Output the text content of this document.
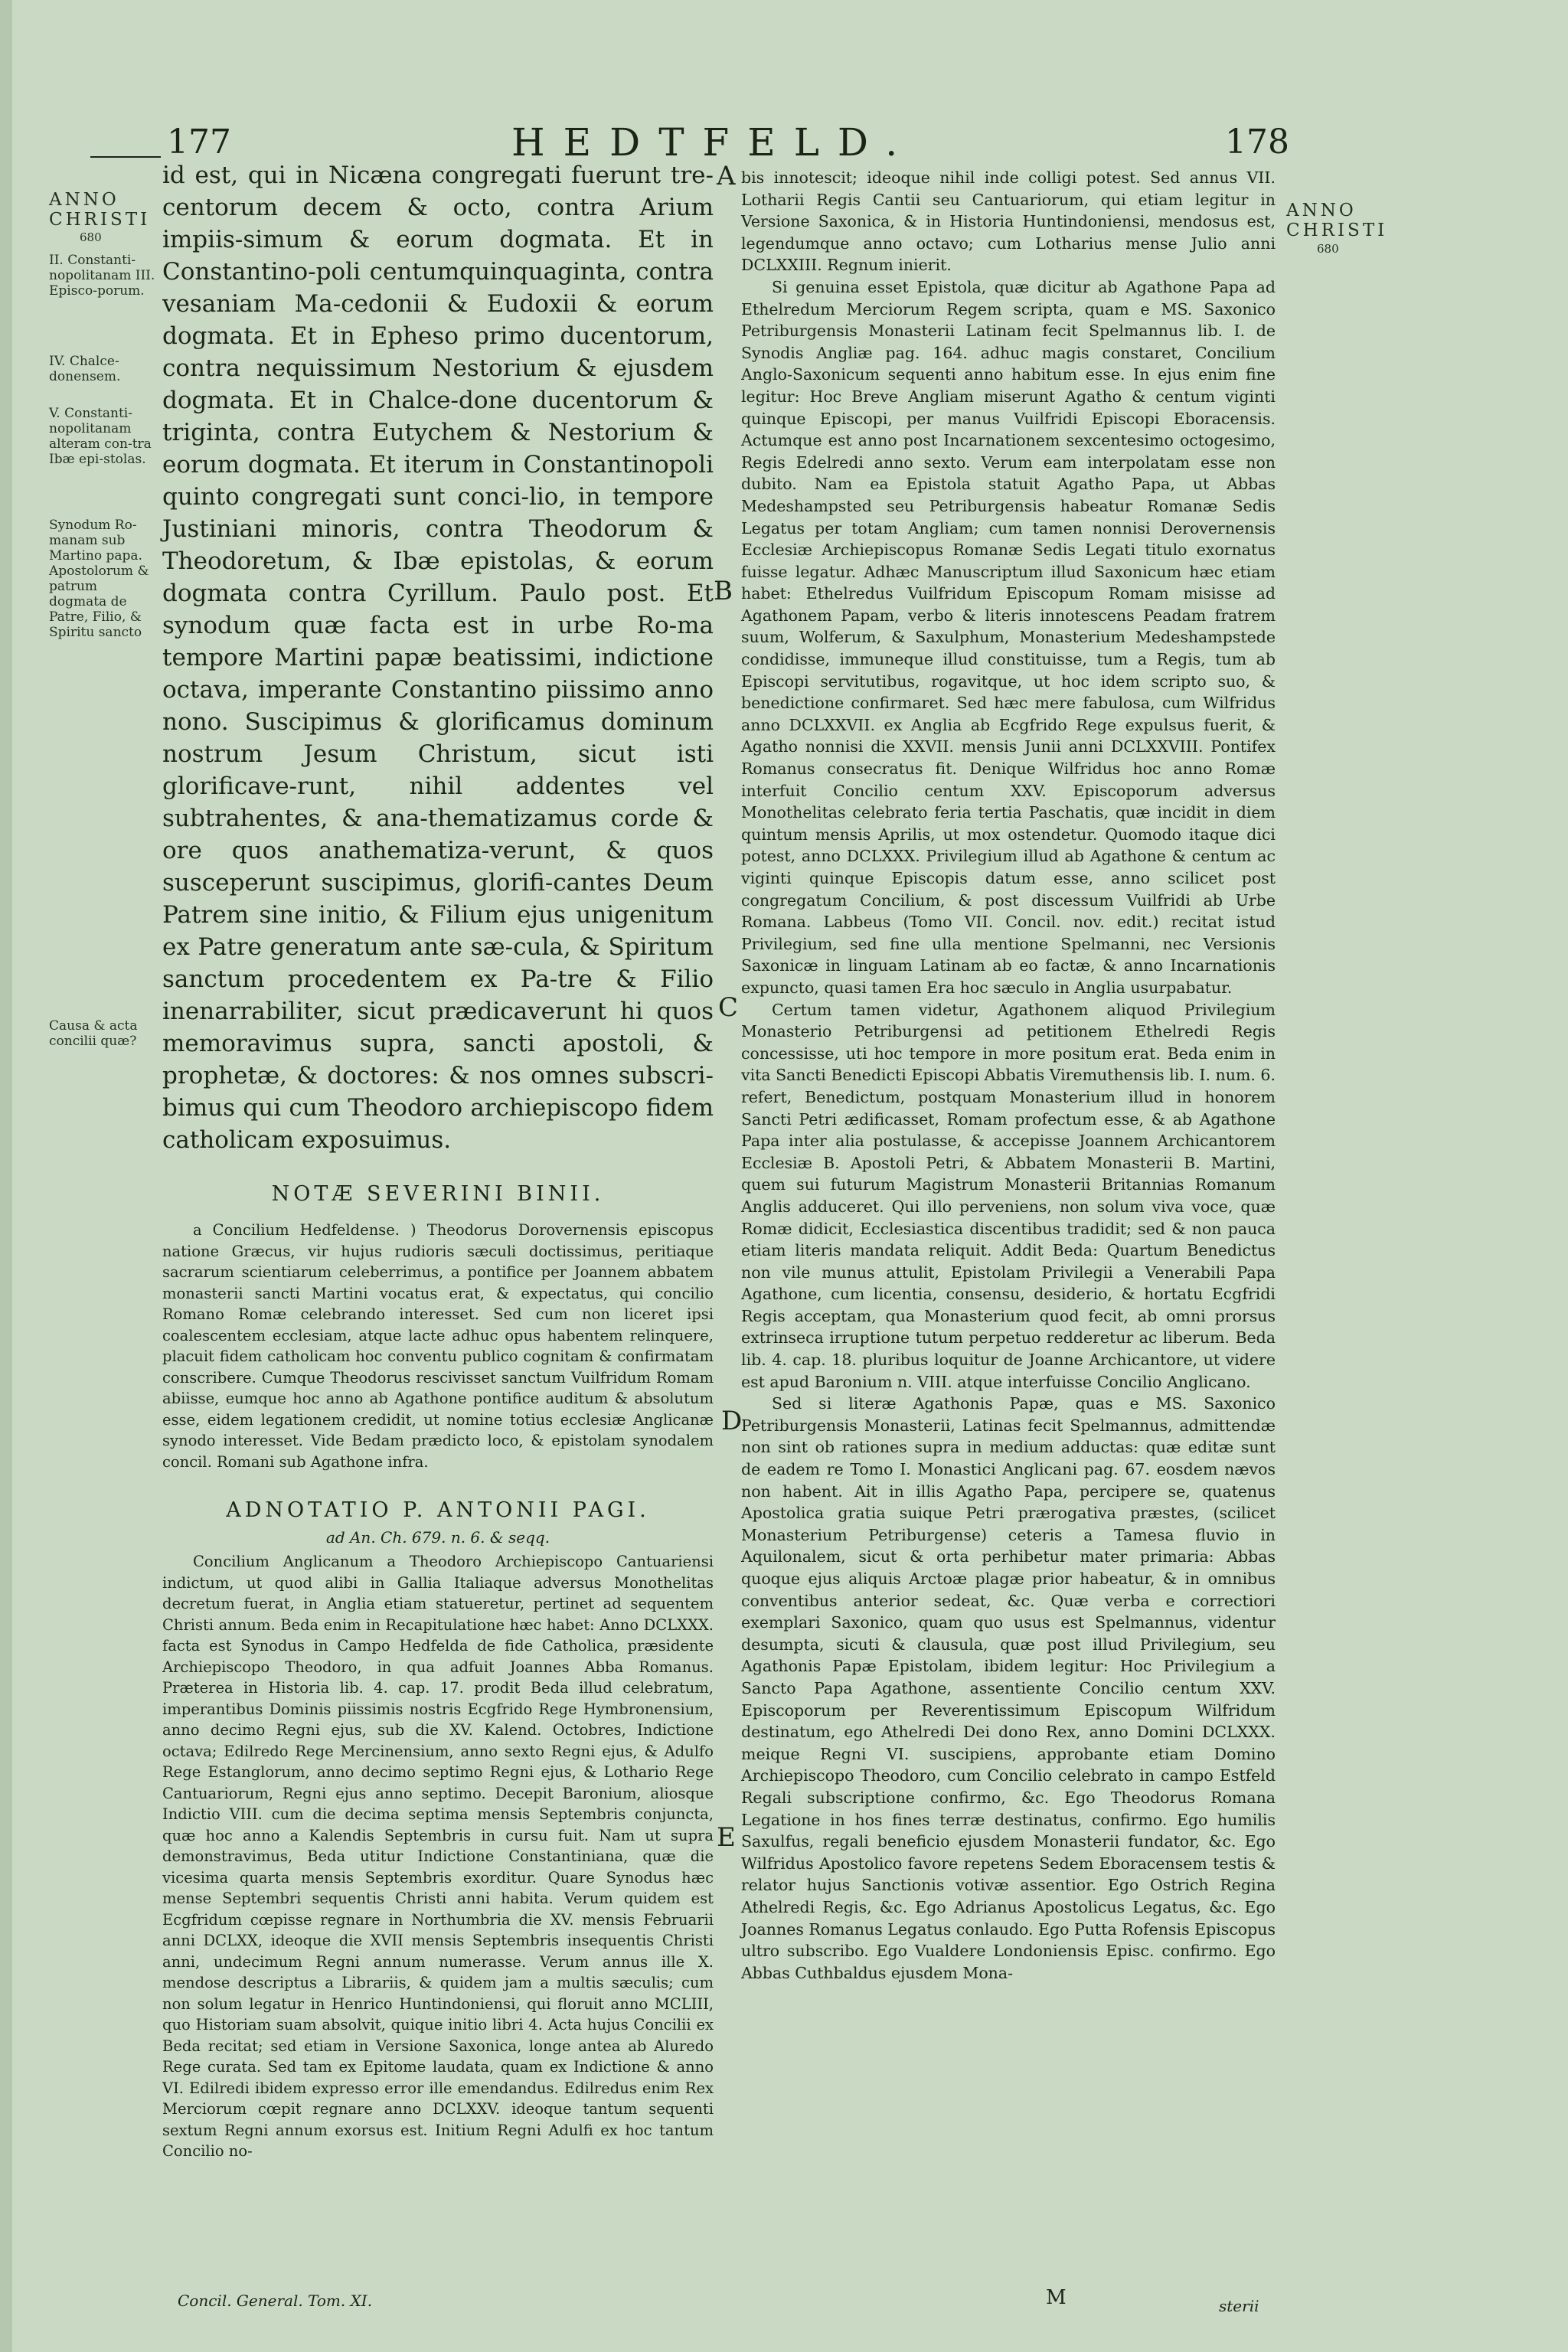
177	HEDTFELD.	178
ANNO
CHRISTI
680
II. Constanti-nopolitanam III. Episco-porum.
IV. Chalce-donensem.
V. Constanti-nopolitanam alteram con-tra Ibæ epi-stolas.
Synodum Ro-manam sub Martino papa. Apostolorum & patrum dogmata de Patre, Filio, & Spiritu sancto
Causa & acta concilii quæ?
ANNO
CHRISTI
680
A
B
C
D
E

id est, qui in Nicæna congregati fuerunt tre-centorum decem & octo, contra Arium impiis-simum & eorum dogmata. Et in Constantino-poli centumquinquaginta, contra vesaniam Ma-cedonii & Eudoxii & eorum dogmata. Et in Epheso primo ducentorum, contra nequissimum Nestorium & ejusdem dogmata. Et in Chalce-done ducentorum & triginta, contra Eutychem & Nestorium & eorum dogmata. Et iterum in Constantinopoli quinto congregati sunt conci-lio, in tempore Justiniani minoris, contra Theodorum & Theodoretum, & Ibæ epistolas, & eorum dogmata contra Cyrillum. Paulo post. Et synodum quæ facta est in urbe Ro-ma tempore Martini papæ beatissimi, indictione octava, imperante Constantino piissimo anno nono. Suscipimus & glorificamus dominum nostrum Jesum Christum, sicut isti glorificave-runt, nihil addentes vel subtrahentes, & ana-thematizamus corde & ore quos anathematiza-verunt, & quos susceperunt suscipimus, glorifi-cantes Deum Patrem sine initio, & Filium ejus unigenitum ex Patre generatum ante sæ-cula, & Spiritum sanctum procedentem ex Pa-tre & Filio inenarrabiliter, sicut prædicaverunt hi quos memoravimus supra, sancti apostoli, & prophetæ, & doctores: & nos omnes subscri-bimus qui cum Theodoro archiepiscopo fidem catholicam exposuimus.

NOTÆ SEVERINI BINII.

a Concilium Hedfeldense. ) Theodorus Dorovernensis episcopus natione Græcus, vir hujus rudioris sæculi doctissimus, peritiaque sacrarum scientiarum celeberrimus, a pontifice per Joannem abbatem monasterii sancti Martini vocatus erat, & expectatus, qui concilio Romano Romæ celebrando interesset. Sed cum non liceret ipsi coalescentem ecclesiam, atque lacte adhuc opus habentem relinquere, placuit fidem catholicam hoc conventu publico cognitam & confirmatam conscribere. Cumque Theodorus rescivisset sanctum Vuilfridum Romam abiisse, eumque hoc anno ab Agathone pontifice auditum & absolutum esse, eidem legationem credidit, ut nomine totius ecclesiæ Anglicanæ synodo interesset. Vide Bedam prædicto loco, & epistolam synodalem concil. Romani sub Agathone infra.

ADNOTATIO P. ANTONII PAGI.
ad An. Ch. 679. n. 6. & seqq.

Concilium Anglicanum a Theodoro Archiepiscopo Cantuariensi indictum, ut quod alibi in Gallia Italiaque adversus Monothelitas decretum fuerat, in Anglia etiam statueretur, pertinet ad sequentem Christi annum. Beda enim in Recapitulatione hæc habet: Anno DCLXXX. facta est Synodus in Campo Hedfelda de fide Catholica, præsidente Archiepiscopo Theodoro, in qua adfuit Joannes Abba Romanus. Præterea in Historia lib. 4. cap. 17. prodit Beda illud celebratum, imperantibus Dominis piissimis nostris Ecgfrido Rege Hymbronensium, anno decimo Regni ejus, sub die XV. Kalend. Octobres, Indictione octava; Edilredo Rege Mercinensium, anno sexto Regni ejus, & Adulfo Rege Estanglorum, anno decimo septimo Regni ejus, & Lothario Rege Cantuariorum, Regni ejus anno septimo. Decepit Baronium, aliosque Indictio VIII. cum die decima septima mensis Septembris conjuncta, quæ hoc anno a Kalendis Septembris in cursu fuit. Nam ut supra demonstravimus, Beda utitur Indictione Constantiniana, quæ die vicesima quarta mensis Septembris exorditur. Quare Synodus hæc mense Septembri sequentis Christi anni habita. Verum quidem est Ecgfridum cœpisse regnare in Northumbria die XV. mensis Februarii anni DCLXX, ideoque die XVII mensis Septembris insequentis Christi anni, undecimum Regni annum numerasse. Verum annus ille X. mendose descriptus a Librariis, & quidem jam a multis sæculis; cum non solum legatur in Henrico Huntindoniensi, qui floruit anno MCLIII, quo Historiam suam absolvit, quique initio libri 4. Acta hujus Concilii ex Beda recitat; sed etiam in Versione Saxonica, longe antea ab Aluredo Rege curata. Sed tam ex Epitome laudata, quam ex Indictione & anno VI. Edilredi ibidem expresso error ille emendandus. Edilredus enim Rex Merciorum cœpit regnare anno DCLXXV. ideoque tantum sequenti sextum Regni annum exorsus est. Initium Regni Adulfi ex hoc tantum Concilio no-

bis innotescit; ideoque nihil inde colligi potest. Sed annus VII. Lotharii Regis Cantii seu Cantuariorum, qui etiam legitur in Versione Saxonica, & in Historia Huntindoniensi, mendosus est, legendumque anno octavo; cum Lotharius mense Julio anni DCLXXIII. Regnum inierit.

Si genuina esset Epistola, quæ dicitur ab Agathone Papa ad Ethelredum Merciorum Regem scripta, quam e MS. Saxonico Petriburgensis Monasterii Latinam fecit Spelmannus lib. I. de Synodis Angliæ pag. 164. adhuc magis constaret, Concilium Anglo-Saxonicum sequenti anno habitum esse. In ejus enim fine legitur: Hoc Breve Angliam miserunt Agatho & centum viginti quinque Episcopi, per manus Vuilfridi Episcopi Eboracensis. Actumque est anno post Incarnationem sexcentesimo octogesimo, Regis Edelredi anno sexto. Verum eam interpolatam esse non dubito. Nam ea Epistola statuit Agatho Papa, ut Abbas Medeshampsted seu Petriburgensis habeatur Romanæ Sedis Legatus per totam Angliam; cum tamen nonnisi Derovernensis Ecclesiæ Archiepiscopus Romanæ Sedis Legati titulo exornatus fuisse legatur. Adhæc Manuscriptum illud Saxonicum hæc etiam habet: Ethelredus Vuilfridum Episcopum Romam misisse ad Agathonem Papam, verbo & literis innotescens Peadam fratrem suum, Wolferum, & Saxulphum, Monasterium Medeshampstede condidisse, immuneque illud constituisse, tum a Regis, tum ab Episcopi servitutibus, rogavitque, ut hoc idem scripto suo, & benedictione confirmaret. Sed hæc mere fabulosa, cum Wilfridus anno DCLXXVII. ex Anglia ab Ecgfrido Rege expulsus fuerit, & Agatho nonnisi die XXVII. mensis Junii anni DCLXXVIII. Pontifex Romanus consecratus fit. Denique Wilfridus hoc anno Romæ interfuit Concilio centum XXV. Episcoporum adversus Monothelitas celebrato feria tertia Paschatis, quæ incidit in diem quintum mensis Aprilis, ut mox ostendetur. Quomodo itaque dici potest, anno DCLXXX. Privilegium illud ab Agathone & centum ac viginti quinque Episcopis datum esse, anno scilicet post congregatum Concilium, & post discessum Vuilfridi ab Urbe Romana. Labbeus (Tomo VII. Concil. nov. edit.) recitat istud Privilegium, sed fine ulla mentione Spelmanni, nec Versionis Saxonicæ in linguam Latinam ab eo factæ, & anno Incarnationis expuncto, quasi tamen Era hoc sæculo in Anglia usurpabatur.

Certum tamen videtur, Agathonem aliquod Privilegium Monasterio Petriburgensi ad petitionem Ethelredi Regis concessisse, uti hoc tempore in more positum erat. Beda enim in vita Sancti Benedicti Episcopi Abbatis Viremuthensis lib. I. num. 6. refert, Benedictum, postquam Monasterium illud in honorem Sancti Petri ædificasset, Romam profectum esse, & ab Agathone Papa inter alia postulasse, & accepisse Joannem Archicantorem Ecclesiæ B. Apostoli Petri, & Abbatem Monasterii B. Martini, quem sui futurum Magistrum Monasterii Britannias Romanum Anglis adduceret. Qui illo perveniens, non solum viva voce, quæ Romæ didicit, Ecclesiastica discentibus tradidit; sed & non pauca etiam literis mandata reliquit. Addit Beda: Quartum Benedictus non vile munus attulit, Epistolam Privilegii a Venerabili Papa Agathone, cum licentia, consensu, desiderio, & hortatu Ecgfridi Regis acceptam, qua Monasterium quod fecit, ab omni prorsus extrinseca irruptione tutum perpetuo redderetur ac liberum. Beda lib. 4. cap. 18. pluribus loquitur de Joanne Archicantore, ut videre est apud Baronium n. VIII. atque interfuisse Concilio Anglicano.

Sed si literæ Agathonis Papæ, quas e MS. Saxonico Petriburgensis Monasterii, Latinas fecit Spelmannus, admittendæ non sint ob rationes supra in medium adductas: quæ editæ sunt de eadem re Tomo I. Monastici Anglicani pag. 67. eosdem nævos non habent. Ait in illis Agatho Papa, percipere se, quatenus Apostolica gratia suique Petri prærogativa præstes, (scilicet Monasterium Petriburgense) ceteris a Tamesa fluvio in Aquilonalem, sicut & orta perhibetur mater primaria: Abbas quoque ejus aliquis Arctoæ plagæ prior habeatur, & in omnibus conventibus anterior sedeat, &c. Quæ verba e correctiori exemplari Saxonico, quam quo usus est Spelmannus, videntur desumpta, sicuti & clausula, quæ post illud Privilegium, seu Agathonis Papæ Epistolam, ibidem legitur: Hoc Privilegium a Sancto Papa Agathone, assentiente Concilio centum XXV. Episcoporum per Reverentissimum Episcopum Wilfridum destinatum, ego Athelredi Dei dono Rex, anno Domini DCLXXX. meique Regni VI. suscipiens, approbante etiam Domino Archiepiscopo Theodoro, cum Concilio celebrato in campo Estfeld Regali subscriptione confirmo, &c. Ego Theodorus Romana Legatione in hos fines terræ destinatus, confirmo. Ego humilis Saxulfus, regali beneficio ejusdem Monasterii fundator, &c. Ego Wilfridus Apostolico favore repetens Sedem Eboracensem testis & relator hujus Sanctionis votivæ assentior. Ego Ostrich Regina Athelredi Regis, &c. Ego Adrianus Apostolicus Legatus, &c. Ego Joannes Romanus Legatus conlaudo. Ego Putta Rofensis Episcopus ultro subscribo. Ego Vualdere Londoniensis Episc. confirmo. Ego Abbas Cuthbaldus ejusdem Mona-

Concil. General. Tom. XI.	M	sterii
